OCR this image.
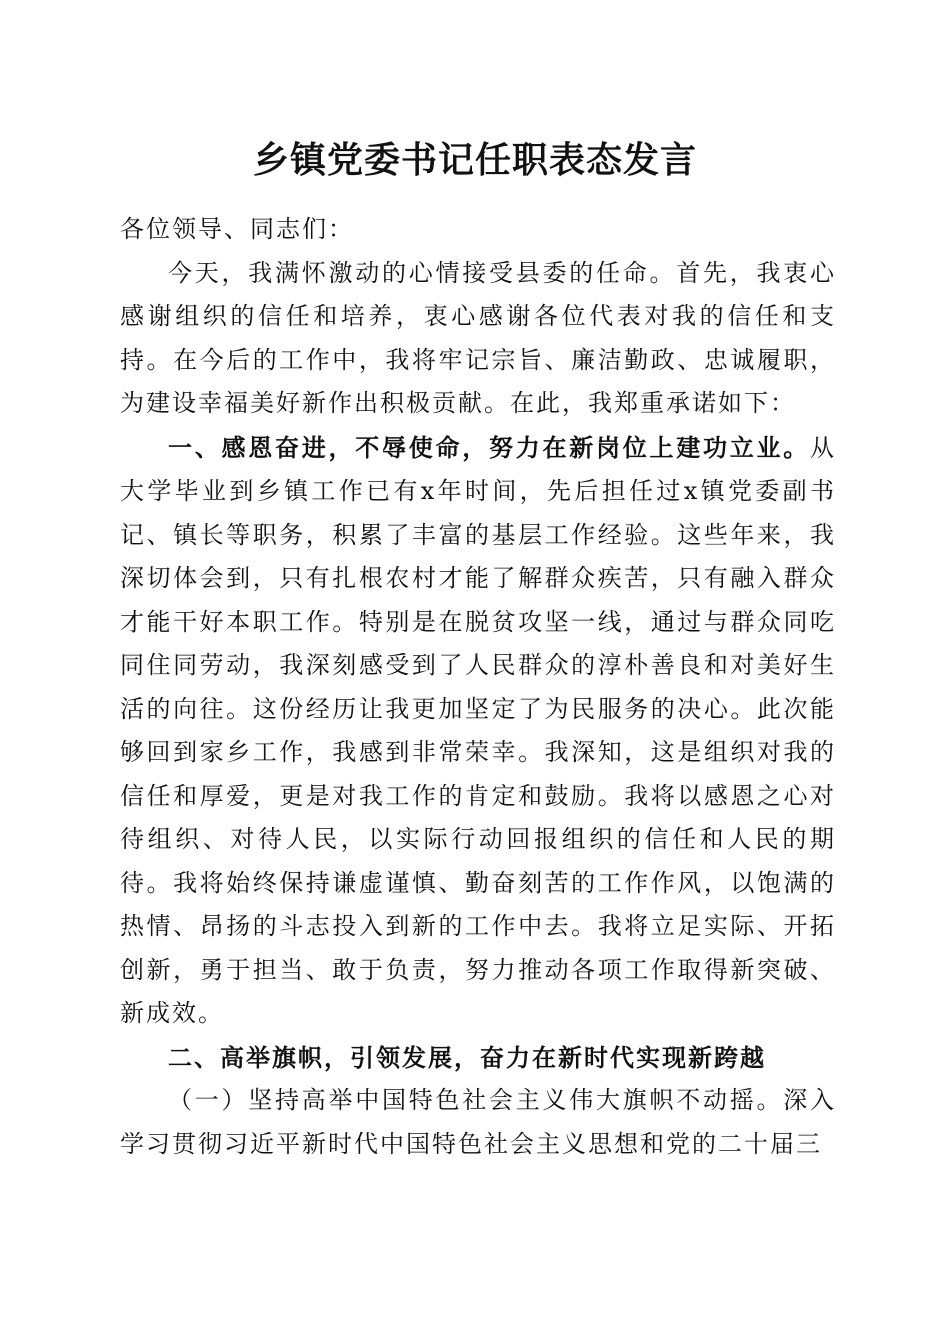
乡镇党委书记任职表态发言

各位领导、同志们：

今天，我满怀激动的心情接受县委的任命。首先，我衷心感谢组织的信任和培养，衷心感谢各位代表对我的信任和支持。在今后的工作中，我将牢记宗旨、廉洁勤政、忠诚履职，为建设幸福美好新作出积极贡献。在此，我郑重承诺如下：

一、感恩奋进，不辱使命，努力在新岗位上建功立业。从大学毕业到乡镇工作已有x年时间，先后担任过x镇党委副书记、镇长等职务，积累了丰富的基层工作经验。这些年来，我深切体会到，只有扎根农村才能了解群众疾苦，只有融入群众才能干好本职工作。特别是在脱贫攻坚一线，通过与群众同吃同住同劳动，我深刻感受到了人民群众的淳朴善良和对美好生活的向往。这份经历让我更加坚定了为民服务的决心。此次能够回到家乡工作，我感到非常荣幸。我深知，这是组织对我的信任和厚爱，更是对我工作的肯定和鼓励。我将以感恩之心对待组织、对待人民，以实际行动回报组织的信任和人民的期待。我将始终保持谦虚谨慎、勤奋刻苦的工作作风，以饱满的热情、昂扬的斗志投入到新的工作中去。我将立足实际、开拓创新，勇于担当、敢于负责，努力推动各项工作取得新突破、新成效。

二、高举旗帜，引领发展，奋力在新时代实现新跨越

（一）坚持高举中国特色社会主义伟大旗帜不动摇。深入学习贯彻习近平新时代中国特色社会主义思想和党的二十届三
